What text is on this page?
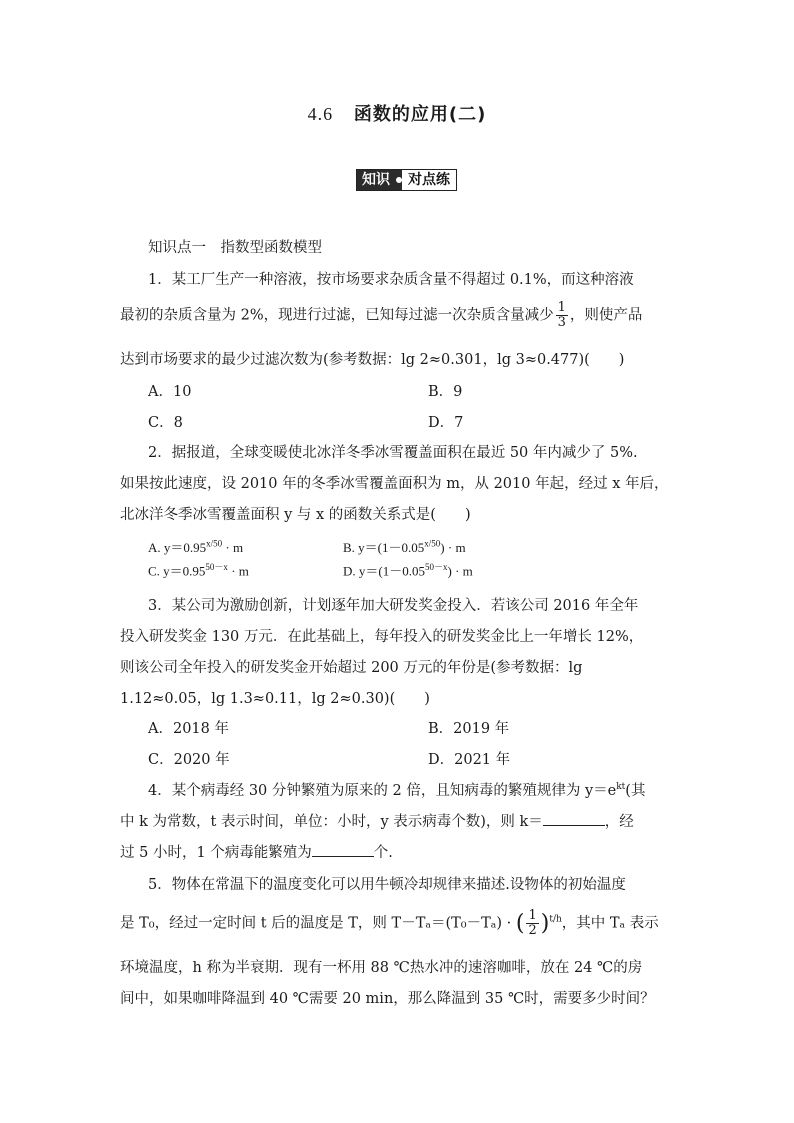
4.6 函数的应用(二)
知识	对点练
知识点一　指数型函数模型
1．某工厂生产一种溶液，按市场要求杂质含量不得超过 0.1%，而这种溶液
最初的杂质含量为 2%，现进行过滤，已知每过滤一次杂质含量减少 $\frac{1}{3}$ ，则使产品
达到市场要求的最少过滤次数为(参考数据：lg 2≈0.301，lg 3≈0.477)(　　)
A．10	B．9
C．8	D．7
2．据报道，全球变暖使北冰洋冬季冰雪覆盖面积在最近 50 年内减少了 5%.
如果按此速度，设 2010 年的冬季冰雪覆盖面积为 m，从 2010 年起，经过 x 年后，
北冰洋冬季冰雪覆盖面积 y 与 x 的函数关系式是(　　)
A. $y=0.95^{x/50} \cdot m$	B. $y=(1-0.05^{x/50}) \cdot m$
C. $y=0.95^{50-x} \cdot m$	D. $y=(1-0.05^{50-x}) \cdot m$
3．某公司为激励创新，计划逐年加大研发奖金投入．若该公司 2016 年全年
投入研发奖金 130 万元．在此基础上，每年投入的研发奖金比上一年增长 12%，
则该公司全年投入的研发奖金开始超过 200 万元的年份是(参考数据：lg
1.12≈0.05，lg 1.3≈0.11，lg 2≈0.30)(　　)
A．2018 年	B．2019 年
C．2020 年	D．2021 年
4．某个病毒经 30 分钟繁殖为原来的 2 倍，且知病毒的繁殖规律为 $y=e^{kt}$(其
中 k 为常数，t 表示时间，单位：小时，y 表示病毒个数)，则 k＝	，经
过 5 小时，1 个病毒能繁殖为	个.
5．物体在常温下的温度变化可以用牛顿冷却规律来描述.设物体的初始温度
是 T₀，经过一定时间 t 后的温度是 T，则 T－Tₐ＝(T₀－Tₐ) · ( $\frac{1}{2} )^{t/h}$，其中 Tₐ 表示
环境温度，h 称为半衰期．现有一杯用 88 ℃热水冲的速溶咖啡，放在 24 ℃的房
间中，如果咖啡降温到 40 ℃需要 20 min，那么降温到 35 ℃时，需要多少时间？
